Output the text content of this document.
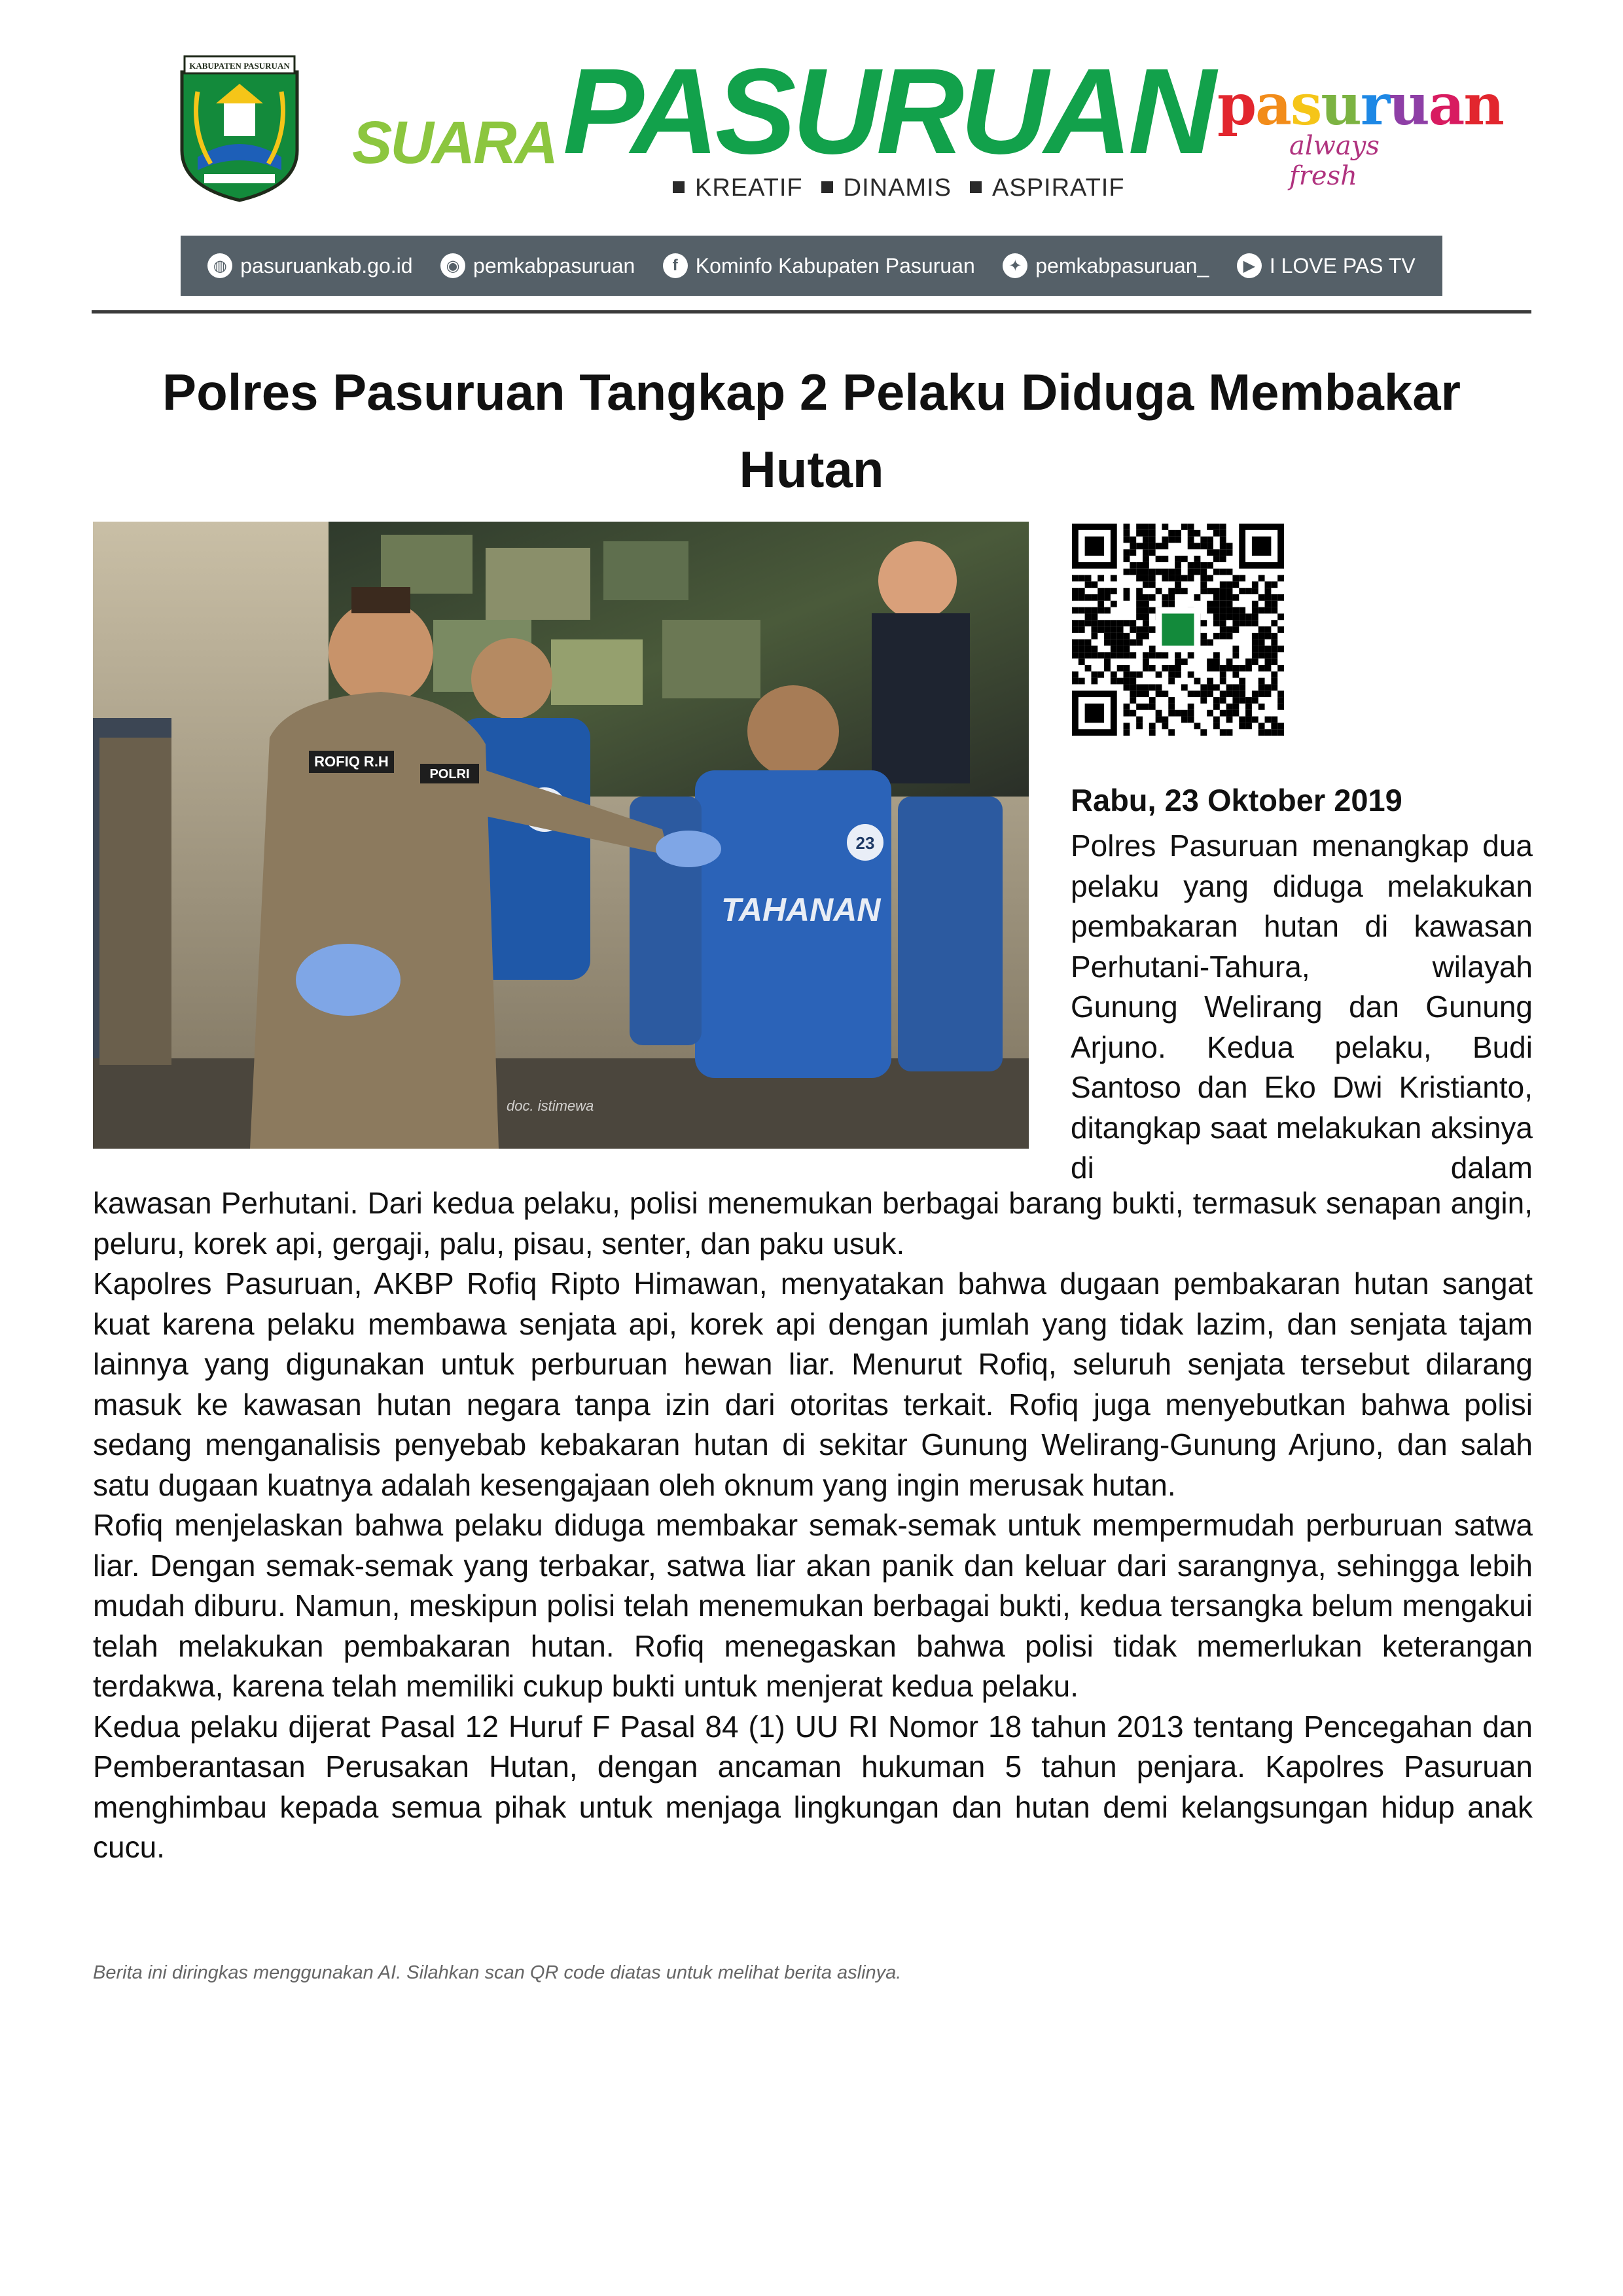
KABUPATEN PASURUAN
SUARA PASURUAN
KREATIF	DINAMIS	ASPIRATIF
pasuruan
always fresh
◍ pasuruankab.go.id	◉ pemkabpasuruan	f Kominfo Kabupaten Pasuruan	✦ pemkabpasuruan_	▶ I LOVE PAS TV
Polres Pasuruan Tangkap 2 Pelaku Diduga Membakar Hutan
23
TAHANAN
ROFIQ R.H
POLRI
doc. istimewa
Rabu, 23 Oktober 2019
Polres Pasuruan menangkap dua pelaku yang diduga melakukan pembakaran hutan di kawasan Perhutani-Tahura, wilayah Gunung Welirang dan Gunung Arjuno. Kedua pelaku, Budi Santoso dan Eko Dwi Kristianto, ditangkap saat melakukan aksinya di dalam

kawasan Perhutani. Dari kedua pelaku, polisi menemukan berbagai barang bukti, termasuk senapan angin, peluru, korek api, gergaji, palu, pisau, senter, dan paku usuk.

Kapolres Pasuruan, AKBP Rofiq Ripto Himawan, menyatakan bahwa dugaan pembakaran hutan sangat kuat karena pelaku membawa senjata api, korek api dengan jumlah yang tidak lazim, dan senjata tajam lainnya yang digunakan untuk perburuan hewan liar. Menurut Rofiq, seluruh senjata tersebut dilarang masuk ke kawasan hutan negara tanpa izin dari otoritas terkait. Rofiq juga menyebutkan bahwa polisi sedang menganalisis penyebab kebakaran hutan di sekitar Gunung Welirang-Gunung Arjuno, dan salah satu dugaan kuatnya adalah kesengajaan oleh oknum yang ingin merusak hutan.

Rofiq menjelaskan bahwa pelaku diduga membakar semak-semak untuk mempermudah perburuan satwa liar. Dengan semak-semak yang terbakar, satwa liar akan panik dan keluar dari sarangnya, sehingga lebih mudah diburu. Namun, meskipun polisi telah menemukan berbagai bukti, kedua tersangka belum mengakui telah melakukan pembakaran hutan. Rofiq menegaskan bahwa polisi tidak memerlukan keterangan terdakwa, karena telah memiliki cukup bukti untuk menjerat kedua pelaku.

Kedua pelaku dijerat Pasal 12 Huruf F Pasal 84 (1) UU RI Nomor 18 tahun 2013 tentang Pencegahan dan Pemberantasan Perusakan Hutan, dengan ancaman hukuman 5 tahun penjara. Kapolres Pasuruan menghimbau kepada semua pihak untuk menjaga lingkungan dan hutan demi kelangsungan hidup anak cucu.

Berita ini diringkas menggunakan AI. Silahkan scan QR code diatas untuk melihat berita aslinya.
